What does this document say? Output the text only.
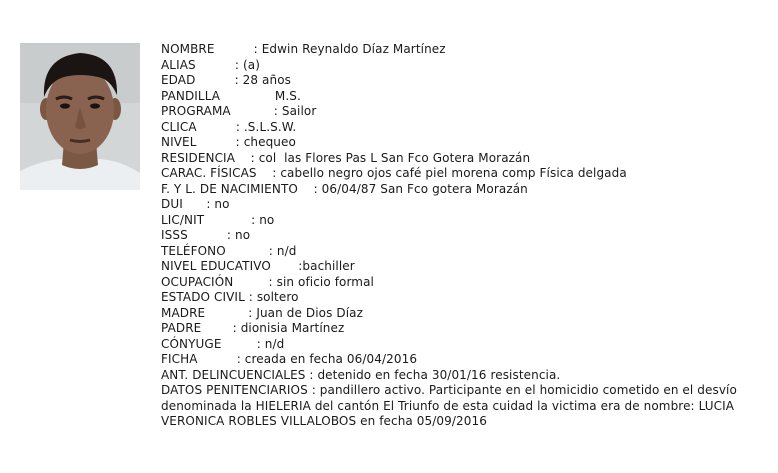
NOMBRE          : Edwin Reynaldo Díaz Martínez
ALIAS          : (a)
EDAD          : 28 años
PANDILLA              M.S.
PROGRAMA           : Sailor
CLICA          : .S.L.S.W.
NIVEL          : chequeo
RESIDENCIA    : col  las Flores Pas L San Fco Gotera Morazán
CARAC. FÍSICAS    : cabello negro ojos café piel morena comp Física delgada
F. Y L. DE NACIMIENTO    : 06/04/87 San Fco gotera Morazán
DUI      : no
LIC/NIT            : no
ISSS          : no
TELÉFONO           : n/d
NIVEL EDUCATIVO       :bachiller
OCUPACIÓN         : sin oficio formal
ESTADO CIVIL : soltero
MADRE           : Juan de Dios Díaz
PADRE        : dionisia Martínez
CÓNYUGE         : n/d
FICHA          : creada en fecha 06/04/2016
ANT. DELINCUENCIALES : detenido en fecha 30/01/16 resistencia.
DATOS PENITENCIARIOS : pandillero activo. Participante en el homicidio cometido en el desvío denominada la HIELERIA del cantón El Triunfo de esta cuidad la victima era de nombre: LUCIA VERONICA ROBLES VILLALOBOS en fecha 05/09/2016
